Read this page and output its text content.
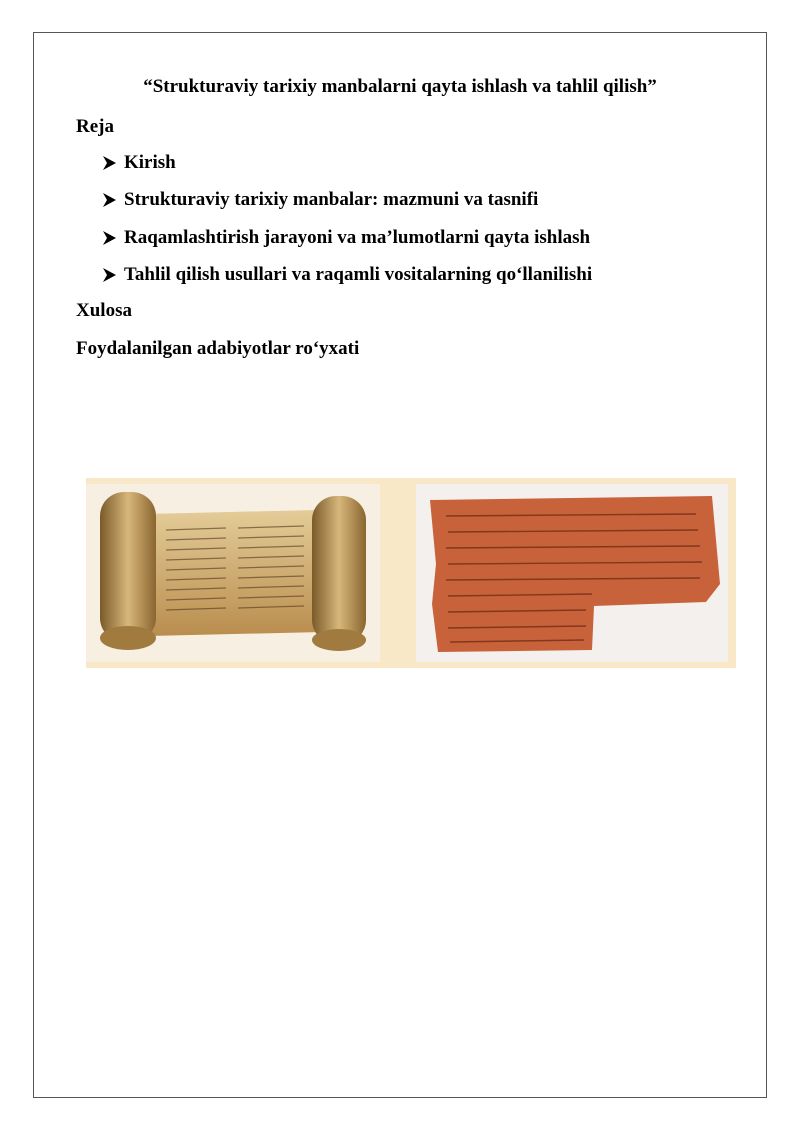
“Strukturaviy tarixiy manbalarni qayta ishlash va tahlil qilish”
Reja
Kirish
Strukturaviy tarixiy manbalar: mazmuni va tasnifi
Raqamlashtirish jarayoni va ma’lumotlarni qayta ishlash
Tahlil qilish usullari va raqamli vositalarning qo‘llanilishi
Xulosa
Foydalanilgan adabiyotlar ro‘yxati
